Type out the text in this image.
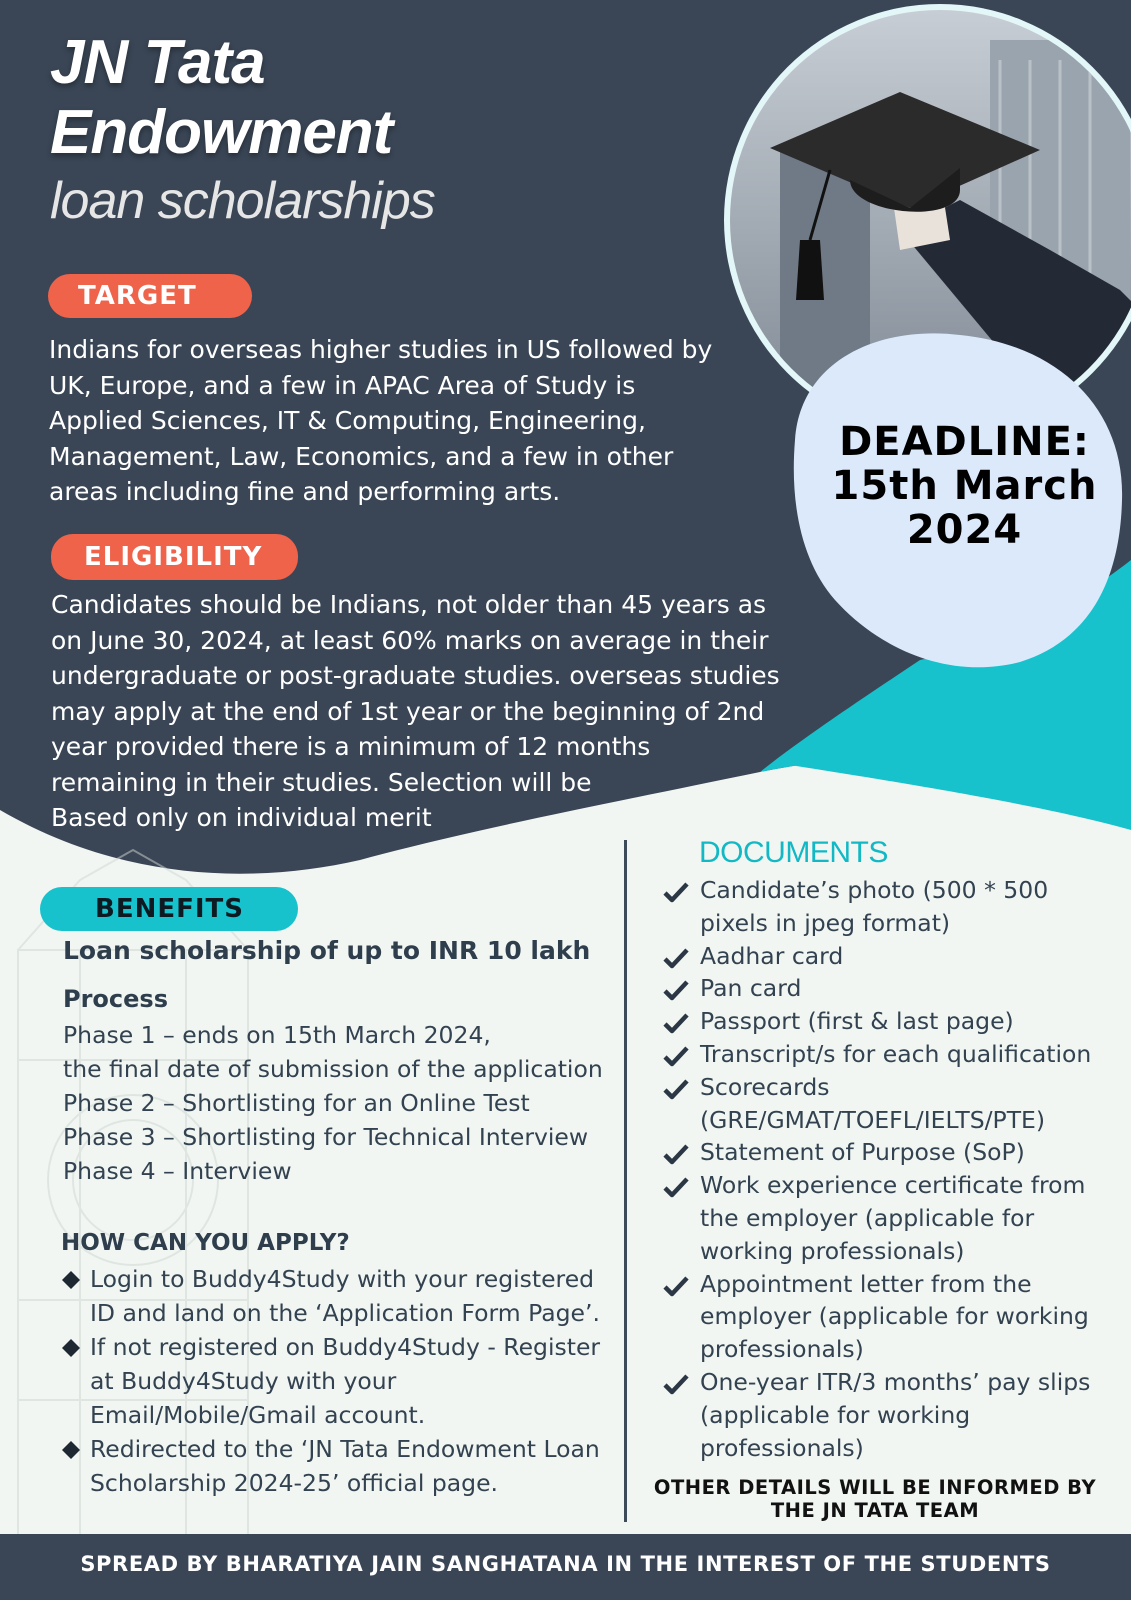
JN Tata
Endowment
loan scholarships
TARGET
Indians for overseas higher studies in US followed by
UK, Europe, and a few in APAC Area of Study is
Applied Sciences, IT & Computing, Engineering,
Management, Law, Economics, and a few in other
areas including fine and performing arts.
ELIGIBILITY
Candidates should be Indians, not older than 45 years as
on June 30, 2024, at least 60% marks on average in their
undergraduate or post-graduate studies. overseas studies
may apply at the end of 1st year or the beginning of 2nd
year provided there is a minimum of 12 months
remaining in their studies. Selection will be
Based only on individual merit
DEADLINE:
15th March
2024
BENEFITS
Loan scholarship of up to INR 10 lakh
Process
Phase 1 – ends on 15th March 2024,
the final date of submission of the application
Phase 2 – Shortlisting for an Online Test
Phase 3 – Shortlisting for Technical Interview
Phase 4 – Interview
HOW CAN YOU APPLY?
Login to Buddy4Study with your registered ID and land on the ‘Application Form Page’.
If not registered on Buddy4Study - Register at Buddy4Study with your Email/Mobile/Gmail account.
Redirected to the ‘JN Tata Endowment Loan Scholarship 2024-25’ official page.
DOCUMENTS
Candidate’s photo (500 * 500 pixels in jpeg format)
Aadhar card
Pan card
Passport (first & last page)
Transcript/s for each qualification
Scorecards (GRE/GMAT/TOEFL/IELTS/PTE)
Statement of Purpose (SoP)
Work experience certificate from the employer (applicable for working professionals)
Appointment letter from the employer (applicable for working professionals)
One-year ITR/3 months’ pay slips (applicable for working professionals)
OTHER DETAILS WILL BE INFORMED BY THE JN TATA TEAM
SPREAD BY BHARATIYA JAIN SANGHATANA IN THE INTEREST OF THE STUDENTS
